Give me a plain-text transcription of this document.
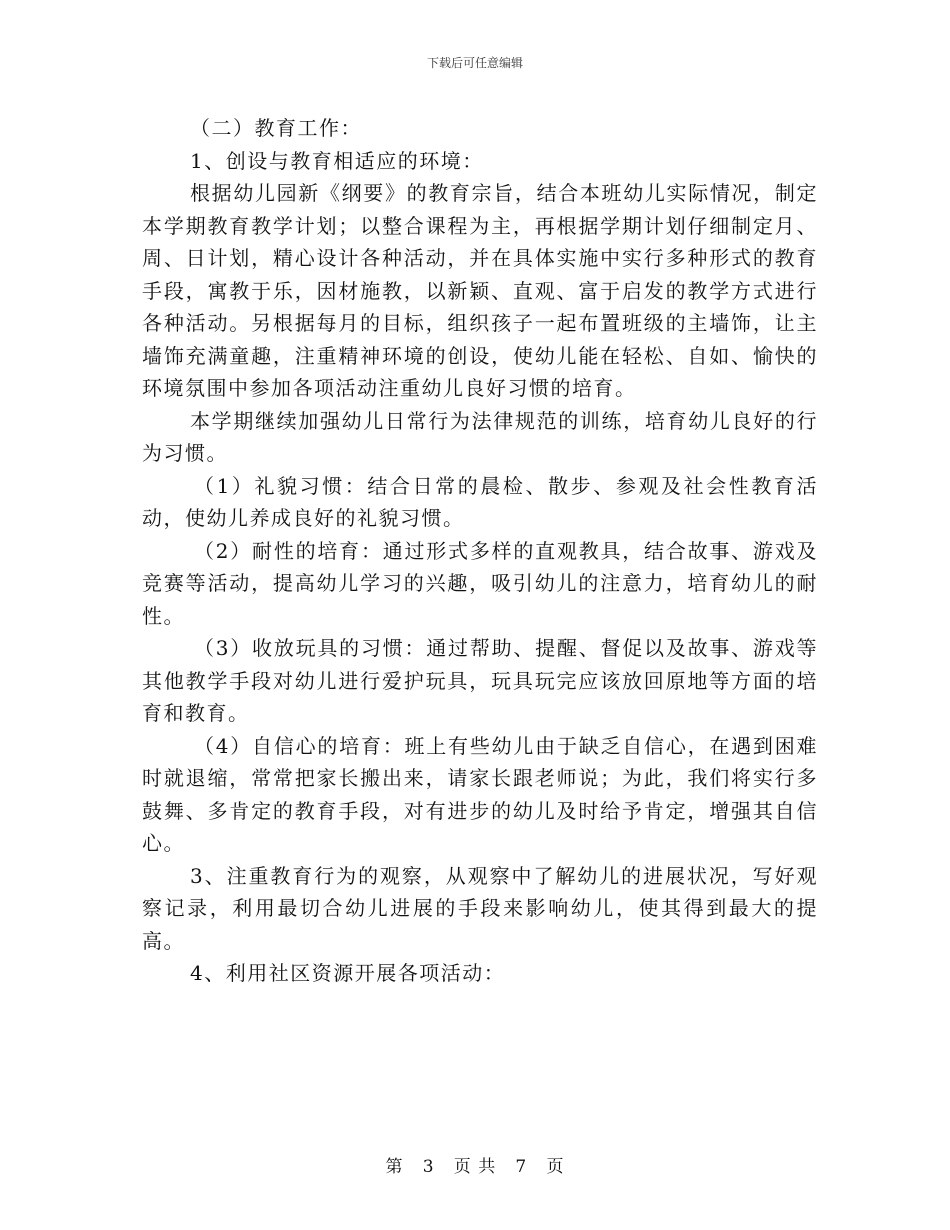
下载后可任意编辑

（二）教育工作：

1、创设与教育相适应的环境：

根据幼儿园新《纲要》的教育宗旨，结合本班幼儿实际情况，制定本学期教育教学计划；以整合课程为主，再根据学期计划仔细制定月、周、日计划，精心设计各种活动，并在具体实施中实行多种形式的教育手段，寓教于乐，因材施教，以新颖、直观、富于启发的教学方式进行各种活动。另根据每月的目标，组织孩子一起布置班级的主墙饰，让主墙饰充满童趣，注重精神环境的创设，使幼儿能在轻松、自如、愉快的环境氛围中参加各项活动注重幼儿良好习惯的培育。

本学期继续加强幼儿日常行为法律规范的训练，培育幼儿良好的行为习惯。

（1）礼貌习惯：结合日常的晨检、散步、参观及社会性教育活动，使幼儿养成良好的礼貌习惯。

（2）耐性的培育：通过形式多样的直观教具，结合故事、游戏及竞赛等活动，提高幼儿学习的兴趣，吸引幼儿的注意力，培育幼儿的耐性。

（3）收放玩具的习惯：通过帮助、提醒、督促以及故事、游戏等其他教学手段对幼儿进行爱护玩具，玩具玩完应该放回原地等方面的培育和教育。

（4）自信心的培育：班上有些幼儿由于缺乏自信心，在遇到困难时就退缩，常常把家长搬出来，请家长跟老师说；为此，我们将实行多鼓舞、多肯定的教育手段，对有进步的幼儿及时给予肯定，增强其自信心。

3、注重教育行为的观察，从观察中了解幼儿的进展状况，写好观察记录，利用最切合幼儿进展的手段来影响幼儿，使其得到最大的提高。

4、利用社区资源开展各项活动：

第 3 页 共 7 页
